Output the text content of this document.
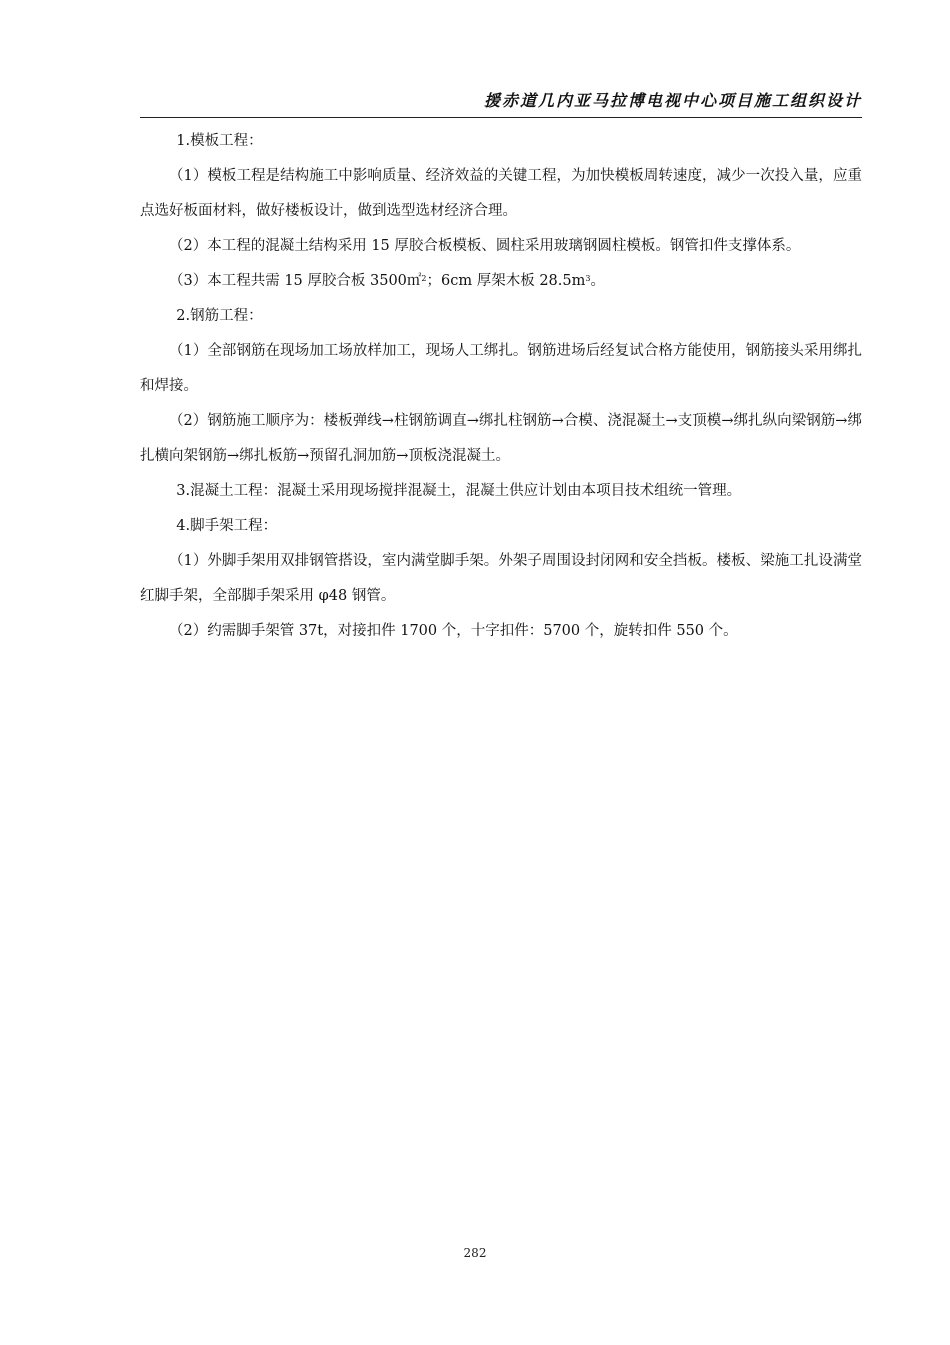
援赤道几内亚马拉博电视中心项目施工组织设计

1.模板工程：

（1）模板工程是结构施工中影响质量、经济效益的关键工程，为加快模板周转速度，减少一次投入量，应重点选好板面材料，做好楼板设计，做到选型选材经济合理。

（2）本工程的混凝土结构采用 15 厚胶合板模板、圆柱采用玻璃钢圆柱模板。钢管扣件支撑体系。

（3）本工程共需 15 厚胶合板 3500㎡$^2$；6cm 厚架木板 $28.5m^3$。

2.钢筋工程：

（1）全部钢筋在现场加工场放样加工，现场人工绑扎。钢筋进场后经复试合格方能使用，钢筋接头采用绑扎和焊接。

（2）钢筋施工顺序为：楼板弹线→柱钢筋调直→绑扎柱钢筋→合模、浇混凝土→支顶模→绑扎纵向梁钢筋→绑扎横向架钢筋→绑扎板筋→预留孔洞加筋→顶板浇混凝土。

3.混凝土工程：混凝土采用现场搅拌混凝土，混凝土供应计划由本项目技术组统一管理。

4.脚手架工程：

（1）外脚手架用双排钢管搭设，室内满堂脚手架。外架子周围设封闭网和安全挡板。楼板、梁施工扎设满堂红脚手架，全部脚手架采用 φ48 钢管。

（2）约需脚手架管 37t，对接扣件 1700 个，十字扣件：5700 个，旋转扣件 550 个。

282
